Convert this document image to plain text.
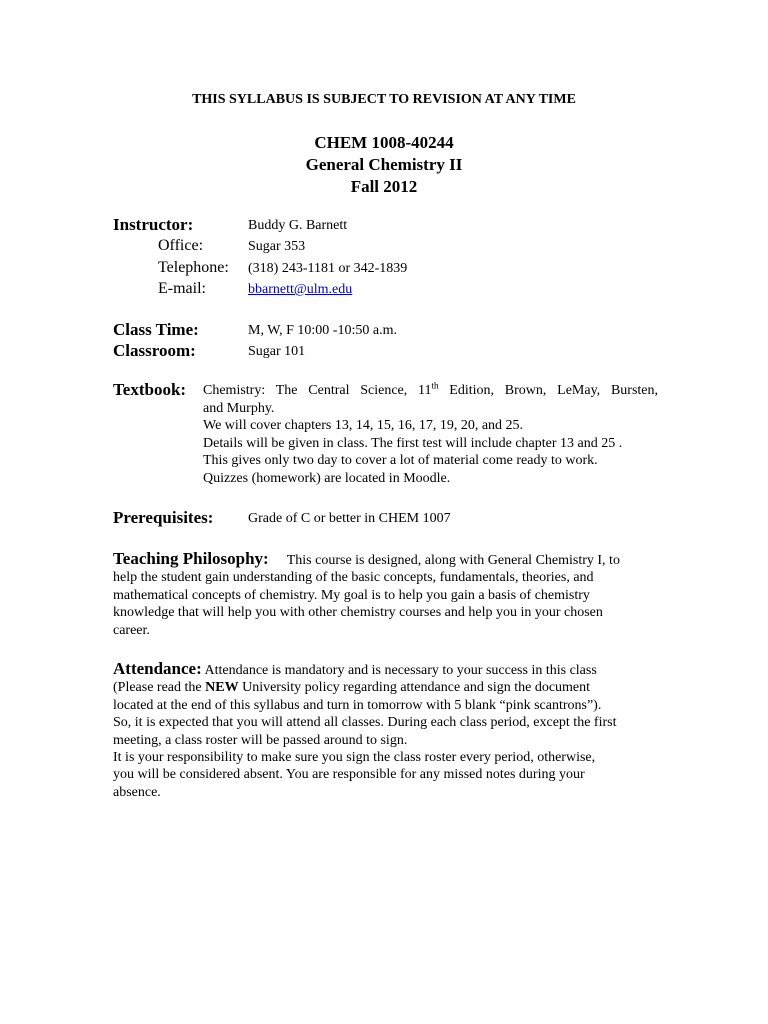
THIS SYLLABUS IS SUBJECT TO REVISION AT ANY TIME
CHEM 1008-40244
General Chemistry II
Fall 2012
Instructor:	Buddy G. Barnett
Office:	Sugar 353
Telephone: (318) 243-1181 or 342-1839
E-mail:	bbarnett@ulm.edu
Class Time:	M, W, F 10:00 -10:50 a.m.
Classroom:	Sugar 101
Textbook: Chemistry: The Central Science, 11th Edition, Brown, LeMay, Bursten,
and Murphy.
We will cover chapters 13, 14, 15, 16, 17, 19, 20, and 25.
Details will be given in class. The first test will include chapter 13 and 25 .
This gives only two day to cover a lot of material come ready to work.
Quizzes (homework) are located in Moodle.
Prerequisites: Grade of C or better in CHEM 1007
Teaching Philosophy: This course is designed, along with General Chemistry I, to
help the student gain understanding of the basic concepts, fundamentals, theories, and
mathematical concepts of chemistry. My goal is to help you gain a basis of chemistry
knowledge that will help you with other chemistry courses and help you in your chosen
career.
Attendance: Attendance is mandatory and is necessary to your success in this class
(Please read the NEW University policy regarding attendance and sign the document
located at the end of this syllabus and turn in tomorrow with 5 blank “pink scantrons”).
So, it is expected that you will attend all classes. During each class period, except the first
meeting, a class roster will be passed around to sign.
It is your responsibility to make sure you sign the class roster every period, otherwise,
you will be considered absent. You are responsible for any missed notes during your
absence.
